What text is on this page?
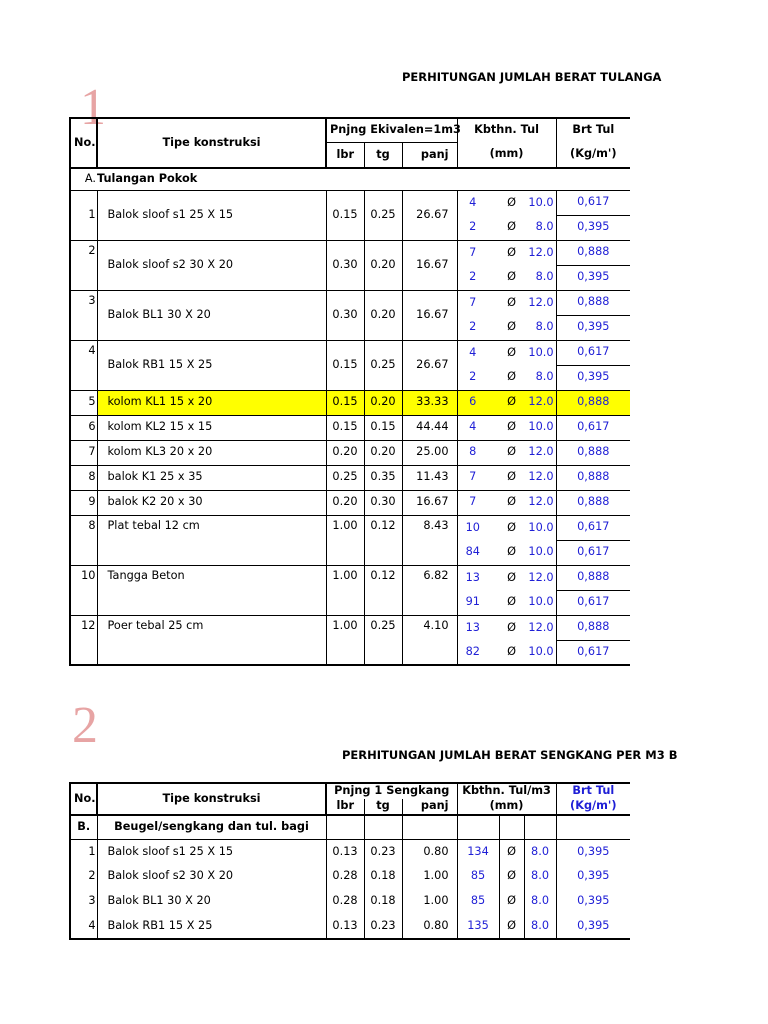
1
PERHITUNGAN JUMLAH BERAT TULANGA
2
PERHITUNGAN JUMLAH BERAT SENGKANG PER M3 B
No.	Tipe konstruksi	Pnjng Ekivalen=1m3			Kbthn. Tul			Brt Tul
		lbr	tg	panj	(mm)			(Kg/m')
A.	Tulangan Pokok							
1	Balok sloof s1 25 X 15	0.15	0.25	26.67	4	Ø	10.0	0,617
					2	Ø	8.0	0,395
2	Balok sloof s2 30 X 20	0.30	0.20	16.67	7	Ø	12.0	0,888
					2	Ø	8.0	0,395
3	Balok BL1 30 X 20	0.30	0.20	16.67	7	Ø	12.0	0,888
					2	Ø	8.0	0,395
4	Balok RB1 15 X 25	0.15	0.25	26.67	4	Ø	10.0	0,617
					2	Ø	8.0	0,395
5	kolom KL1 15 x 20	0.15	0.20	33.33	6	Ø	12.0	0,888
6	kolom KL2 15 x 15	0.15	0.15	44.44	4	Ø	10.0	0,617
7	kolom KL3 20 x 20	0.20	0.20	25.00	8	Ø	12.0	0,888
8	balok K1 25 x 35	0.25	0.35	11.43	7	Ø	12.0	0,888
9	balok K2 20 x 30	0.20	0.30	16.67	7	Ø	12.0	0,888
8	Plat tebal 12 cm	1.00	0.12	8.43	10	Ø	10.0	0,617
					84	Ø	10.0	0,617
10	Tangga Beton	1.00	0.12	6.82	13	Ø	12.0	0,888
					91	Ø	10.0	0,617
12	Poer tebal 25 cm	1.00	0.25	4.10	13	Ø	12.0	0,888
					82	Ø	10.0	0,617
No.	Tipe konstruksi	Pnjng 1 Sengkang			Kbthn. Tul/m3			Brt Tul
		lbr	tg	panj	(mm)			(Kg/m')
B.	Beugel/sengkang dan tul. bagi							
1	Balok sloof s1 25 X 15	0.13	0.23	0.80	134	Ø	8.0	0,395
2	Balok sloof s2 30 X 20	0.28	0.18	1.00	85	Ø	8.0	0,395
3	Balok BL1 30 X 20	0.28	0.18	1.00	85	Ø	8.0	0,395
4	Balok RB1 15 X 25	0.13	0.23	0.80	135	Ø	8.0	0,395
